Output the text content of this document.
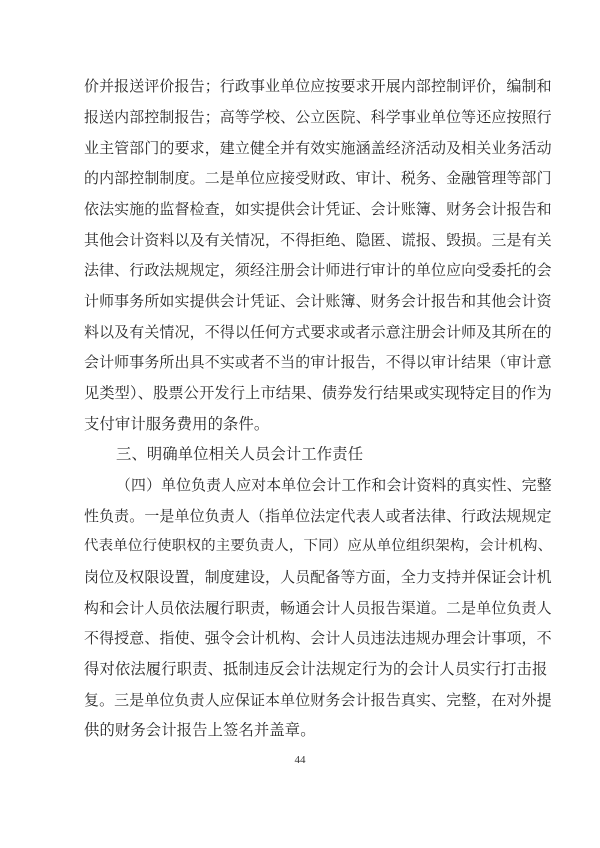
价并报送评价报告；行政事业单位应按要求开展内部控制评价，编制和
报送内部控制报告；高等学校、公立医院、科学事业单位等还应按照行
业主管部门的要求，建立健全并有效实施涵盖经济活动及相关业务活动
的内部控制制度。二是单位应接受财政、审计、税务、金融管理等部门
依法实施的监督检查，如实提供会计凭证、会计账簿、财务会计报告和
其他会计资料以及有关情况，不得拒绝、隐匿、谎报、毁损。三是有关
法律、行政法规规定，须经注册会计师进行审计的单位应向受委托的会
计师事务所如实提供会计凭证、会计账簿、财务会计报告和其他会计资
料以及有关情况，不得以任何方式要求或者示意注册会计师及其所在的
会计师事务所出具不实或者不当的审计报告，不得以审计结果（审计意
见类型）、股票公开发行上市结果、债券发行结果或实现特定目的作为
支付审计服务费用的条件。
三、明确单位相关人员会计工作责任
（四）单位负责人应对本单位会计工作和会计资料的真实性、完整
性负责。一是单位负责人（指单位法定代表人或者法律、行政法规规定
代表单位行使职权的主要负责人，下同）应从单位组织架构，会计机构、
岗位及权限设置，制度建设，人员配备等方面，全力支持并保证会计机
构和会计人员依法履行职责，畅通会计人员报告渠道。二是单位负责人
不得授意、指使、强令会计机构、会计人员违法违规办理会计事项，不
得对依法履行职责、抵制违反会计法规定行为的会计人员实行打击报
复。三是单位负责人应保证本单位财务会计报告真实、完整，在对外提
供的财务会计报告上签名并盖章。
44
